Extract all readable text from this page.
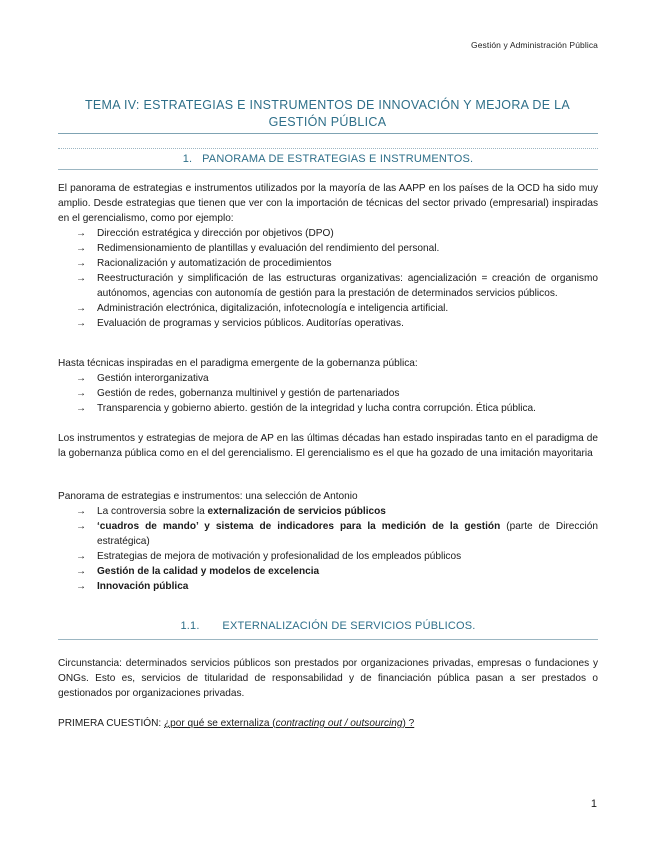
Gestión y Administración Pública
TEMA IV: ESTRATEGIAS E INSTRUMENTOS DE INNOVACIÓN Y MEJORA DE LA GESTIÓN PÚBLICA
1. PANORAMA DE ESTRATEGIAS E INSTRUMENTOS.

El panorama de estrategias e instrumentos utilizados por la mayoría de las AAPP en los países de la OCD ha sido muy amplio. Desde estrategias que tienen que ver con la importación de técnicas del sector privado (empresarial) inspiradas en el gerencialismo, como por ejemplo:

→ Dirección estratégica y dirección por objetivos (DPO)
→ Redimensionamiento de plantillas y evaluación del rendimiento del personal.
→ Racionalización y automatización de procedimientos
→ Reestructuración y simplificación de las estructuras organizativas: agencialización = creación de organismo autónomos, agencias con autonomía de gestión para la prestación de determinados servicios públicos.
→ Administración electrónica, digitalización, infotecnología e inteligencia artificial.
→ Evaluación de programas y servicios públicos. Auditorías operativas.

Hasta técnicas inspiradas en el paradigma emergente de la gobernanza pública:

→ Gestión interorganizativa
→ Gestión de redes, gobernanza multinivel y gestión de partenariados
→ Transparencia y gobierno abierto. gestión de la integridad y lucha contra corrupción. Ética pública.

Los instrumentos y estrategias de mejora de AP en las últimas décadas han estado inspiradas tanto en el paradigma de la gobernanza pública como en el del gerencialismo. El gerencialismo es el que ha gozado de una imitación mayoritaria

Panorama de estrategias e instrumentos: una selección de Antonio

→ La controversia sobre la externalización de servicios públicos
→ ‘cuadros de mando’ y sistema de indicadores para la medición de la gestión (parte de Dirección estratégica)
→ Estrategias de mejora de motivación y profesionalidad de los empleados públicos
→ Gestión de la calidad y modelos de excelencia
→ Innovación pública
1.1. EXTERNALIZACIÓN DE SERVICIOS PÚBLICOS.

Circunstancia: determinados servicios públicos son prestados por organizaciones privadas, empresas o fundaciones y ONGs. Esto es, servicios de titularidad de responsabilidad y de financiación pública pasan a ser prestados o gestionados por organizaciones privadas.

PRIMERA CUESTIÓN: ¿por qué se externaliza (contracting out / outsourcing) ?
1
